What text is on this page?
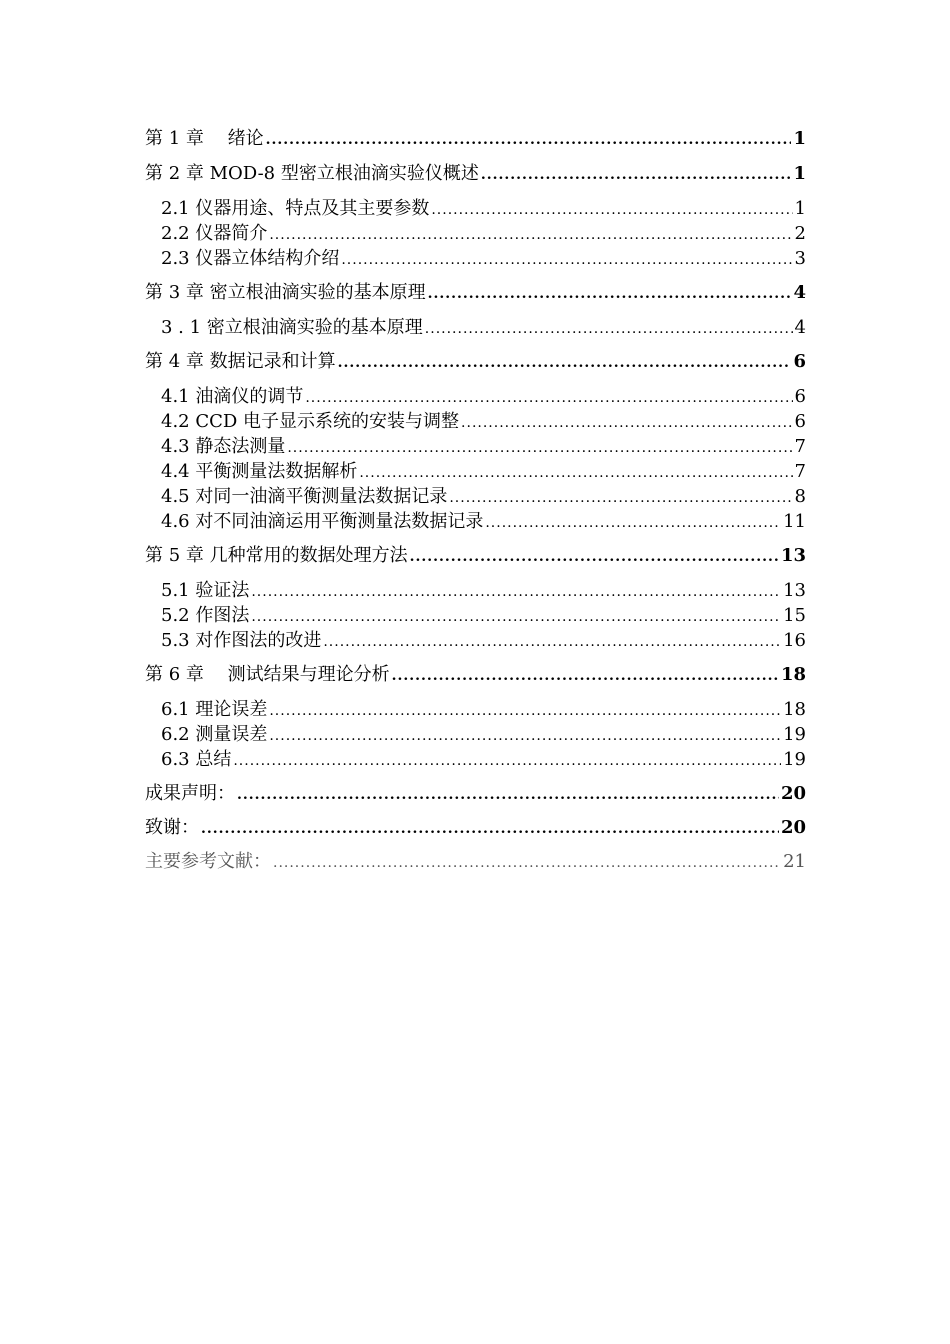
第 1 章　 绪论 .....	1
第 2 章 MOD-8 型密立根油滴实验仪概述 .....	1
2.1 仪器用途、特点及其主要参数 .....	1
2.2 仪器简介 .....	2
2.3 仪器立体结构介绍 .....	3
第 3 章 密立根油滴实验的基本原理 .....	4
3 . 1 密立根油滴实验的基本原理 .....	4
第 4 章 数据记录和计算 .....	6
4.1 油滴仪的调节 .....	6
4.2 CCD 电子显示系统的安装与调整 .....	6
4.3 静态法测量 .....	7
4.4 平衡测量法数据解析 .....	7
4.5 对同一油滴平衡测量法数据记录 .....	8
4.6 对不同油滴运用平衡测量法数据记录 .....	11
第 5 章 几种常用的数据处理方法 .....	13
5.1 验证法 .....	13
5.2 作图法 .....	15
5.3 对作图法的改进 .....	16
第 6 章　 测试结果与理论分析 .....	18
6.1 理论误差 .....	18
6.2 测量误差 .....	19
6.3 总结 .....	19
成果声明： .....	20
致谢： .....	20
主要参考文献： .....	21
